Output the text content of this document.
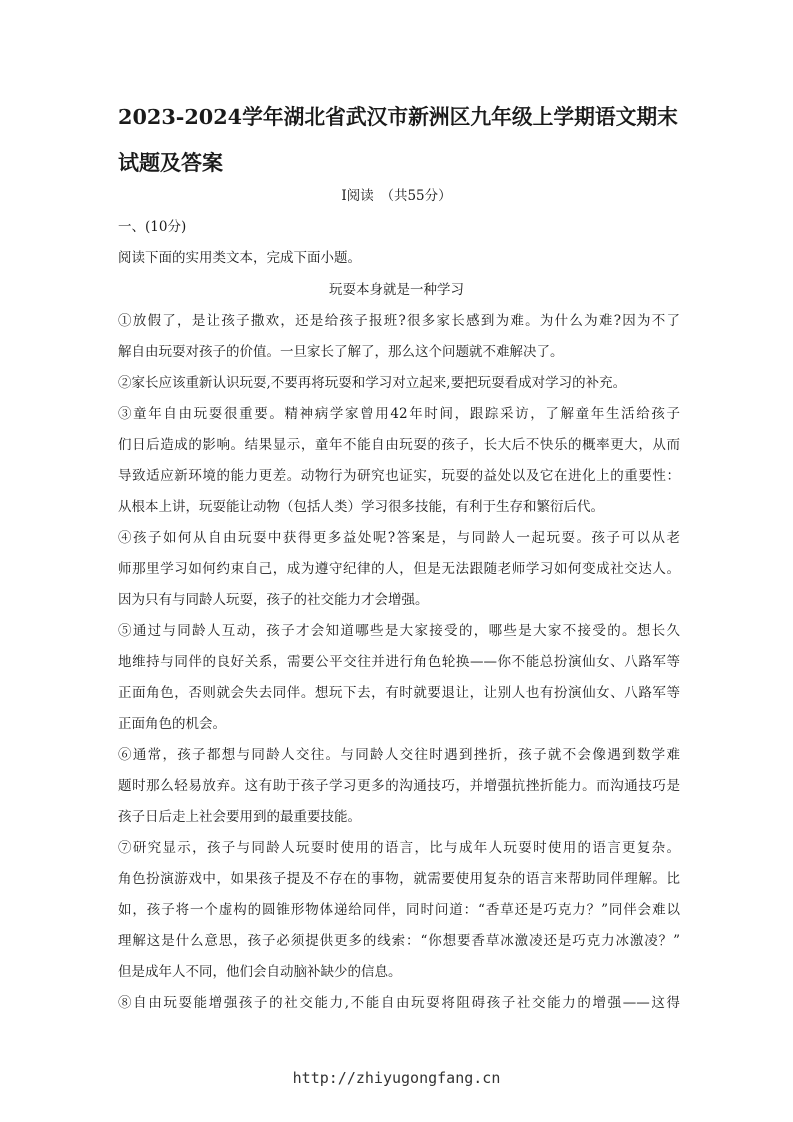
2023-2024学年湖北省武汉市新洲区九年级上学期语文期末
试题及答案

Ⅰ阅读　（共55分）

一、(10分)

阅读下面的实用类文本，完成下面小题。

玩耍本身就是一种学习

①放假了，是让孩子撒欢，还是给孩子报班?很多家长感到为难。为什么为难?因为不了

解自由玩耍对孩子的价值。一旦家长了解了，那么这个问题就不难解决了。

②家长应该重新认识玩耍,不要再将玩耍和学习对立起来,要把玩耍看成对学习的补充。

③童年自由玩耍很重要。精神病学家曾用42年时间，跟踪采访，了解童年生活给孩子

们日后造成的影响。结果显示，童年不能自由玩耍的孩子，长大后不快乐的概率更大，从而

导致适应新环境的能力更差。动物行为研究也证实，玩耍的益处以及它在进化上的重要性：

从根本上讲，玩耍能让动物（包括人类）学习很多技能，有利于生存和繁衍后代。

④孩子如何从自由玩耍中获得更多益处呢?答案是，与同龄人一起玩耍。孩子可以从老

师那里学习如何约束自己，成为遵守纪律的人，但是无法跟随老师学习如何变成社交达人。

因为只有与同龄人玩耍，孩子的社交能力才会增强。

⑤通过与同龄人互动，孩子才会知道哪些是大家接受的，哪些是大家不接受的。想长久

地维持与同伴的良好关系，需要公平交往并进行角色轮换——你不能总扮演仙女、八路军等

正面角色，否则就会失去同伴。想玩下去，有时就要退让，让别人也有扮演仙女、八路军等

正面角色的机会。

⑥通常，孩子都想与同龄人交往。与同龄人交往时遇到挫折，孩子就不会像遇到数学难

题时那么轻易放弃。这有助于孩子学习更多的沟通技巧，并增强抗挫折能力。而沟通技巧是

孩子日后走上社会要用到的最重要技能。

⑦研究显示，孩子与同龄人玩耍时使用的语言，比与成年人玩耍时使用的语言更复杂。

角色扮演游戏中，如果孩子提及不存在的事物，就需要使用复杂的语言来帮助同伴理解。比

如，孩子将一个虚构的圆锥形物体递给同伴，同时问道：“香草还是巧克力？”同伴会难以

理解这是什么意思，孩子必须提供更多的线索：“你想要香草冰激凌还是巧克力冰激凌？”

但是成年人不同，他们会自动脑补缺少的信息。

⑧自由玩耍能增强孩子的社交能力,不能自由玩耍将阻碍孩子社交能力的增强——这得

http://zhiyugongfang.cn
